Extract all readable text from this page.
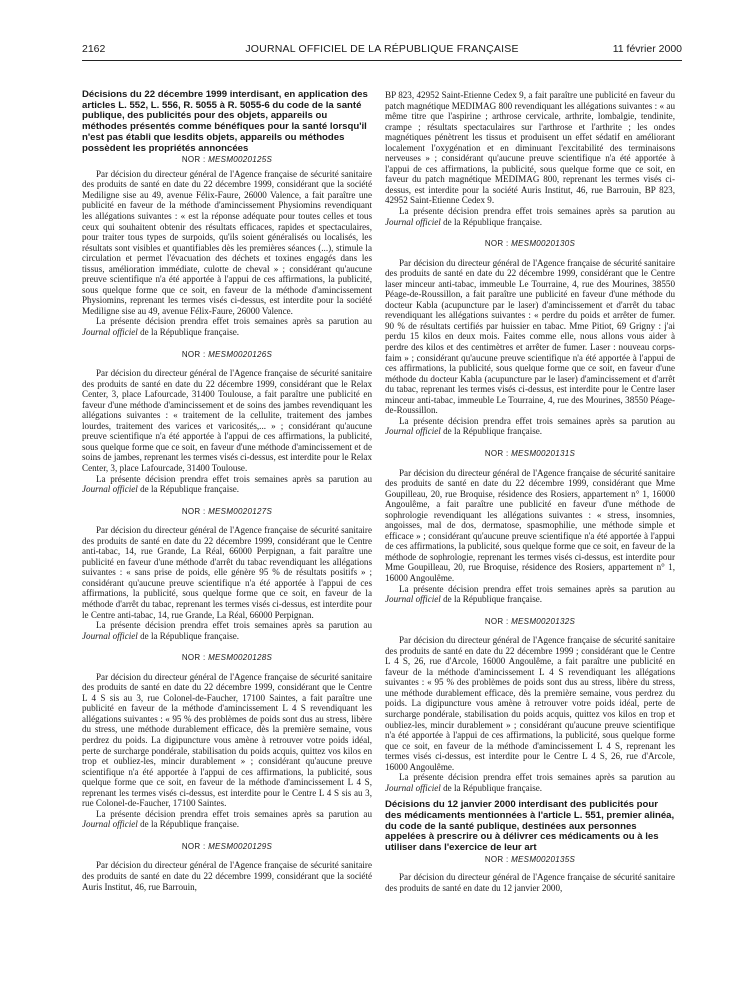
2162	JOURNAL OFFICIEL DE LA RÉPUBLIQUE FRANÇAISE	11 février 2000
Décisions du 22 décembre 1999 interdisant, en application des articles L. 552, L. 556, R. 5055 à R. 5055-6 du code de la santé publique, des publicités pour des objets, appareils ou méthodes présentés comme bénéfiques pour la santé lorsqu'il n'est pas établi que lesdits objets, appareils ou méthodes possèdent les propriétés annoncées
NOR : MESM0020125S

Par décision du directeur général de l'Agence française de sécurité sanitaire des produits de santé en date du 22 décembre 1999, considérant que la société Mediligne sise au 49, avenue Félix-Faure, 26000 Valence, a fait paraître une publicité en faveur de la méthode d'amincissement Physiomins revendiquant les allégations suivantes : « est la réponse adéquate pour toutes celles et tous ceux qui souhaitent obtenir des résultats efficaces, rapides et spectaculaires, pour traiter tous types de surpoids, qu'ils soient généralisés ou localisés, les résultats sont visibles et quantifiables dès les premières séances (...), stimule la circulation et permet l'évacuation des déchets et toxines engagés dans les tissus, amélioration immédiate, culotte de cheval » ; considérant qu'aucune preuve scientifique n'a été apportée à l'appui de ces affirmations, la publicité, sous quelque forme que ce soit, en faveur de la méthode d'amincissement Physiomins, reprenant les termes visés ci-dessus, est interdite pour la société Mediligne sise au 49, avenue Félix-Faure, 26000 Valence.

La présente décision prendra effet trois semaines après sa parution au Journal officiel de la République française.

NOR : MESM0020126S

Par décision du directeur général de l'Agence française de sécurité sanitaire des produits de santé en date du 22 décembre 1999, considérant que le Relax Center, 3, place Lafourcade, 31400 Toulouse, a fait paraître une publicité en faveur d'une méthode d'amincissement et de soins des jambes revendiquant les allégations suivantes : « traitement de la cellulite, traitement des jambes lourdes, traitement des varices et varicosités,... » ; considérant qu'aucune preuve scientifique n'a été apportée à l'appui de ces affirmations, la publicité, sous quelque forme que ce soit, en faveur d'une méthode d'amincissement et de soins de jambes, reprenant les termes visés ci-dessus, est interdite pour le Relax Center, 3, place Lafourcade, 31400 Toulouse.

La présente décision prendra effet trois semaines après sa parution au Journal officiel de la République française.

NOR : MESM0020127S

Par décision du directeur général de l'Agence française de sécurité sanitaire des produits de santé en date du 22 décembre 1999, considérant que le Centre anti-tabac, 14, rue Grande, La Réal, 66000 Perpignan, a fait paraître une publicité en faveur d'une méthode d'arrêt du tabac revendiquant les allégations suivantes : « sans prise de poids, elle génère 95 % de résultats positifs » ; considérant qu'aucune preuve scientifique n'a été apportée à l'appui de ces affirmations, la publicité, sous quelque forme que ce soit, en faveur de la méthode d'arrêt du tabac, reprenant les termes visés ci-dessus, est interdite pour le Centre anti-tabac, 14, rue Grande, La Réal, 66000 Perpignan.

La présente décision prendra effet trois semaines après sa parution au Journal officiel de la République française.

NOR : MESM0020128S

Par décision du directeur général de l'Agence française de sécurité sanitaire des produits de santé en date du 22 décembre 1999, considérant que le Centre L 4 S sis au 3, rue Colonel-de-Faucher, 17100 Saintes, a fait paraître une publicité en faveur de la méthode d'amincissement L 4 S revendiquant les allégations suivantes : « 95 % des problèmes de poids sont dus au stress, libère du stress, une méthode durablement efficace, dès la première semaine, vous perdrez du poids. La digipuncture vous amène à retrouver votre poids idéal, perte de surcharge pondérale, stabilisation du poids acquis, quittez vos kilos en trop et oubliez-les, mincir durablement » ; considérant qu'aucune preuve scientifique n'a été apportée à l'appui de ces affirmations, la publicité, sous quelque forme que ce soit, en faveur de la méthode d'amincissement L 4 S, reprenant les termes visés ci-dessus, est interdite pour le Centre L 4 S sis au 3, rue Colonel-de-Faucher, 17100 Saintes.

La présente décision prendra effet trois semaines après sa parution au Journal officiel de la République française.

NOR : MESM0020129S

Par décision du directeur général de l'Agence française de sécurité sanitaire des produits de santé en date du 22 décembre 1999, considérant que la société Auris Institut, 46, rue Barrouin,

BP 823, 42952 Saint-Etienne Cedex 9, a fait paraître une publicité en faveur du patch magnétique MEDIMAG 800 revendiquant les allégations suivantes : « au même titre que l'aspirine ; arthrose cervicale, arthrite, lombalgie, tendinite, crampe ; résultats spectaculaires sur l'arthrose et l'arthrite ; les ondes magnétiques pénètrent les tissus et produisent un effet sédatif en améliorant localement l'oxygénation et en diminuant l'excitabilité des terminaisons nerveuses » ; considérant qu'aucune preuve scientifique n'a été apportée à l'appui de ces affirmations, la publicité, sous quelque forme que ce soit, en faveur du patch magnétique MEDIMAG 800, reprenant les termes visés ci-dessus, est interdite pour la société Auris Institut, 46, rue Barrouin, BP 823, 42952 Saint-Etienne Cedex 9.

La présente décision prendra effet trois semaines après sa parution au Journal officiel de la République française.

NOR : MESM0020130S

Par décision du directeur général de l'Agence française de sécurité sanitaire des produits de santé en date du 22 décembre 1999, considérant que le Centre laser minceur anti-tabac, immeuble Le Tourraine, 4, rue des Mourines, 38550 Péage-de-Roussillon, a fait paraître une publicité en faveur d'une méthode du docteur Kabla (acupuncture par le laser) d'amincissement et d'arrêt du tabac revendiquant les allégations suivantes : « perdre du poids et arrêter de fumer. 90 % de résultats certifiés par huissier en tabac. Mme Pitiot, 69 Grigny : j'ai perdu 15 kilos en deux mois. Faites comme elle, nous allons vous aider à perdre des kilos et des centimètres et arrêter de fumer. Laser : nouveau corps-faim » ; considérant qu'aucune preuve scientifique n'a été apportée à l'appui de ces affirmations, la publicité, sous quelque forme que ce soit, en faveur d'une méthode du docteur Kabla (acupuncture par le laser) d'amincissement et d'arrêt du tabac, reprenant les termes visés ci-dessus, est interdite pour le Centre laser minceur anti-tabac, immeuble Le Tourraine, 4, rue des Mourines, 38550 Péage-de-Roussillon.

La présente décision prendra effet trois semaines après sa parution au Journal officiel de la République française.

NOR : MESM0020131S

Par décision du directeur général de l'Agence française de sécurité sanitaire des produits de santé en date du 22 décembre 1999, considérant que Mme Goupilleau, 20, rue Broquise, résidence des Rosiers, appartement n° 1, 16000 Angoulême, a fait paraître une publicité en faveur d'une méthode de sophrologie revendiquant les allégations suivantes : « stress, insomnies, angoisses, mal de dos, dermatose, spasmophilie, une méthode simple et efficace » ; considérant qu'aucune preuve scientifique n'a été apportée à l'appui de ces affirmations, la publicité, sous quelque forme que ce soit, en faveur de la méthode de sophrologie, reprenant les termes visés ci-dessus, est interdite pour Mme Goupilleau, 20, rue Broquise, résidence des Rosiers, appartement n° 1, 16000 Angoulême.

La présente décision prendra effet trois semaines après sa parution au Journal officiel de la République française.

NOR : MESM0020132S

Par décision du directeur général de l'Agence française de sécurité sanitaire des produits de santé en date du 22 décembre 1999 ; considérant que le Centre L 4 S, 26, rue d'Arcole, 16000 Angoulême, a fait paraître une publicité en faveur de la méthode d'amincissement L 4 S revendiquant les allégations suivantes : « 95 % des problèmes de poids sont dus au stress, libère du stress, une méthode durablement efficace, dès la première semaine, vous perdrez du poids. La digipuncture vous amène à retrouver votre poids idéal, perte de surcharge pondérale, stabilisation du poids acquis, quittez vos kilos en trop et oubliez-les, mincir durablement » ; considérant qu'aucune preuve scientifique n'a été apportée à l'appui de ces affirmations, la publicité, sous quelque forme que ce soit, en faveur de la méthode d'amincissement L 4 S, reprenant les termes visés ci-dessus, est interdite pour le Centre L 4 S, 26, rue d'Arcole, 16000 Angoulême.

La présente décision prendra effet trois semaines après sa parution au Journal officiel de la République française.

Décisions du 12 janvier 2000 interdisant des publicités pour des médicaments mentionnées à l'article L. 551, premier alinéa, du code de la santé publique, destinées aux personnes appelées à prescrire ou à délivrer ces médicaments ou à les utiliser dans l'exercice de leur art
NOR : MESM0020135S

Par décision du directeur général de l'Agence française de sécurité sanitaire des produits de santé en date du 12 janvier 2000,
